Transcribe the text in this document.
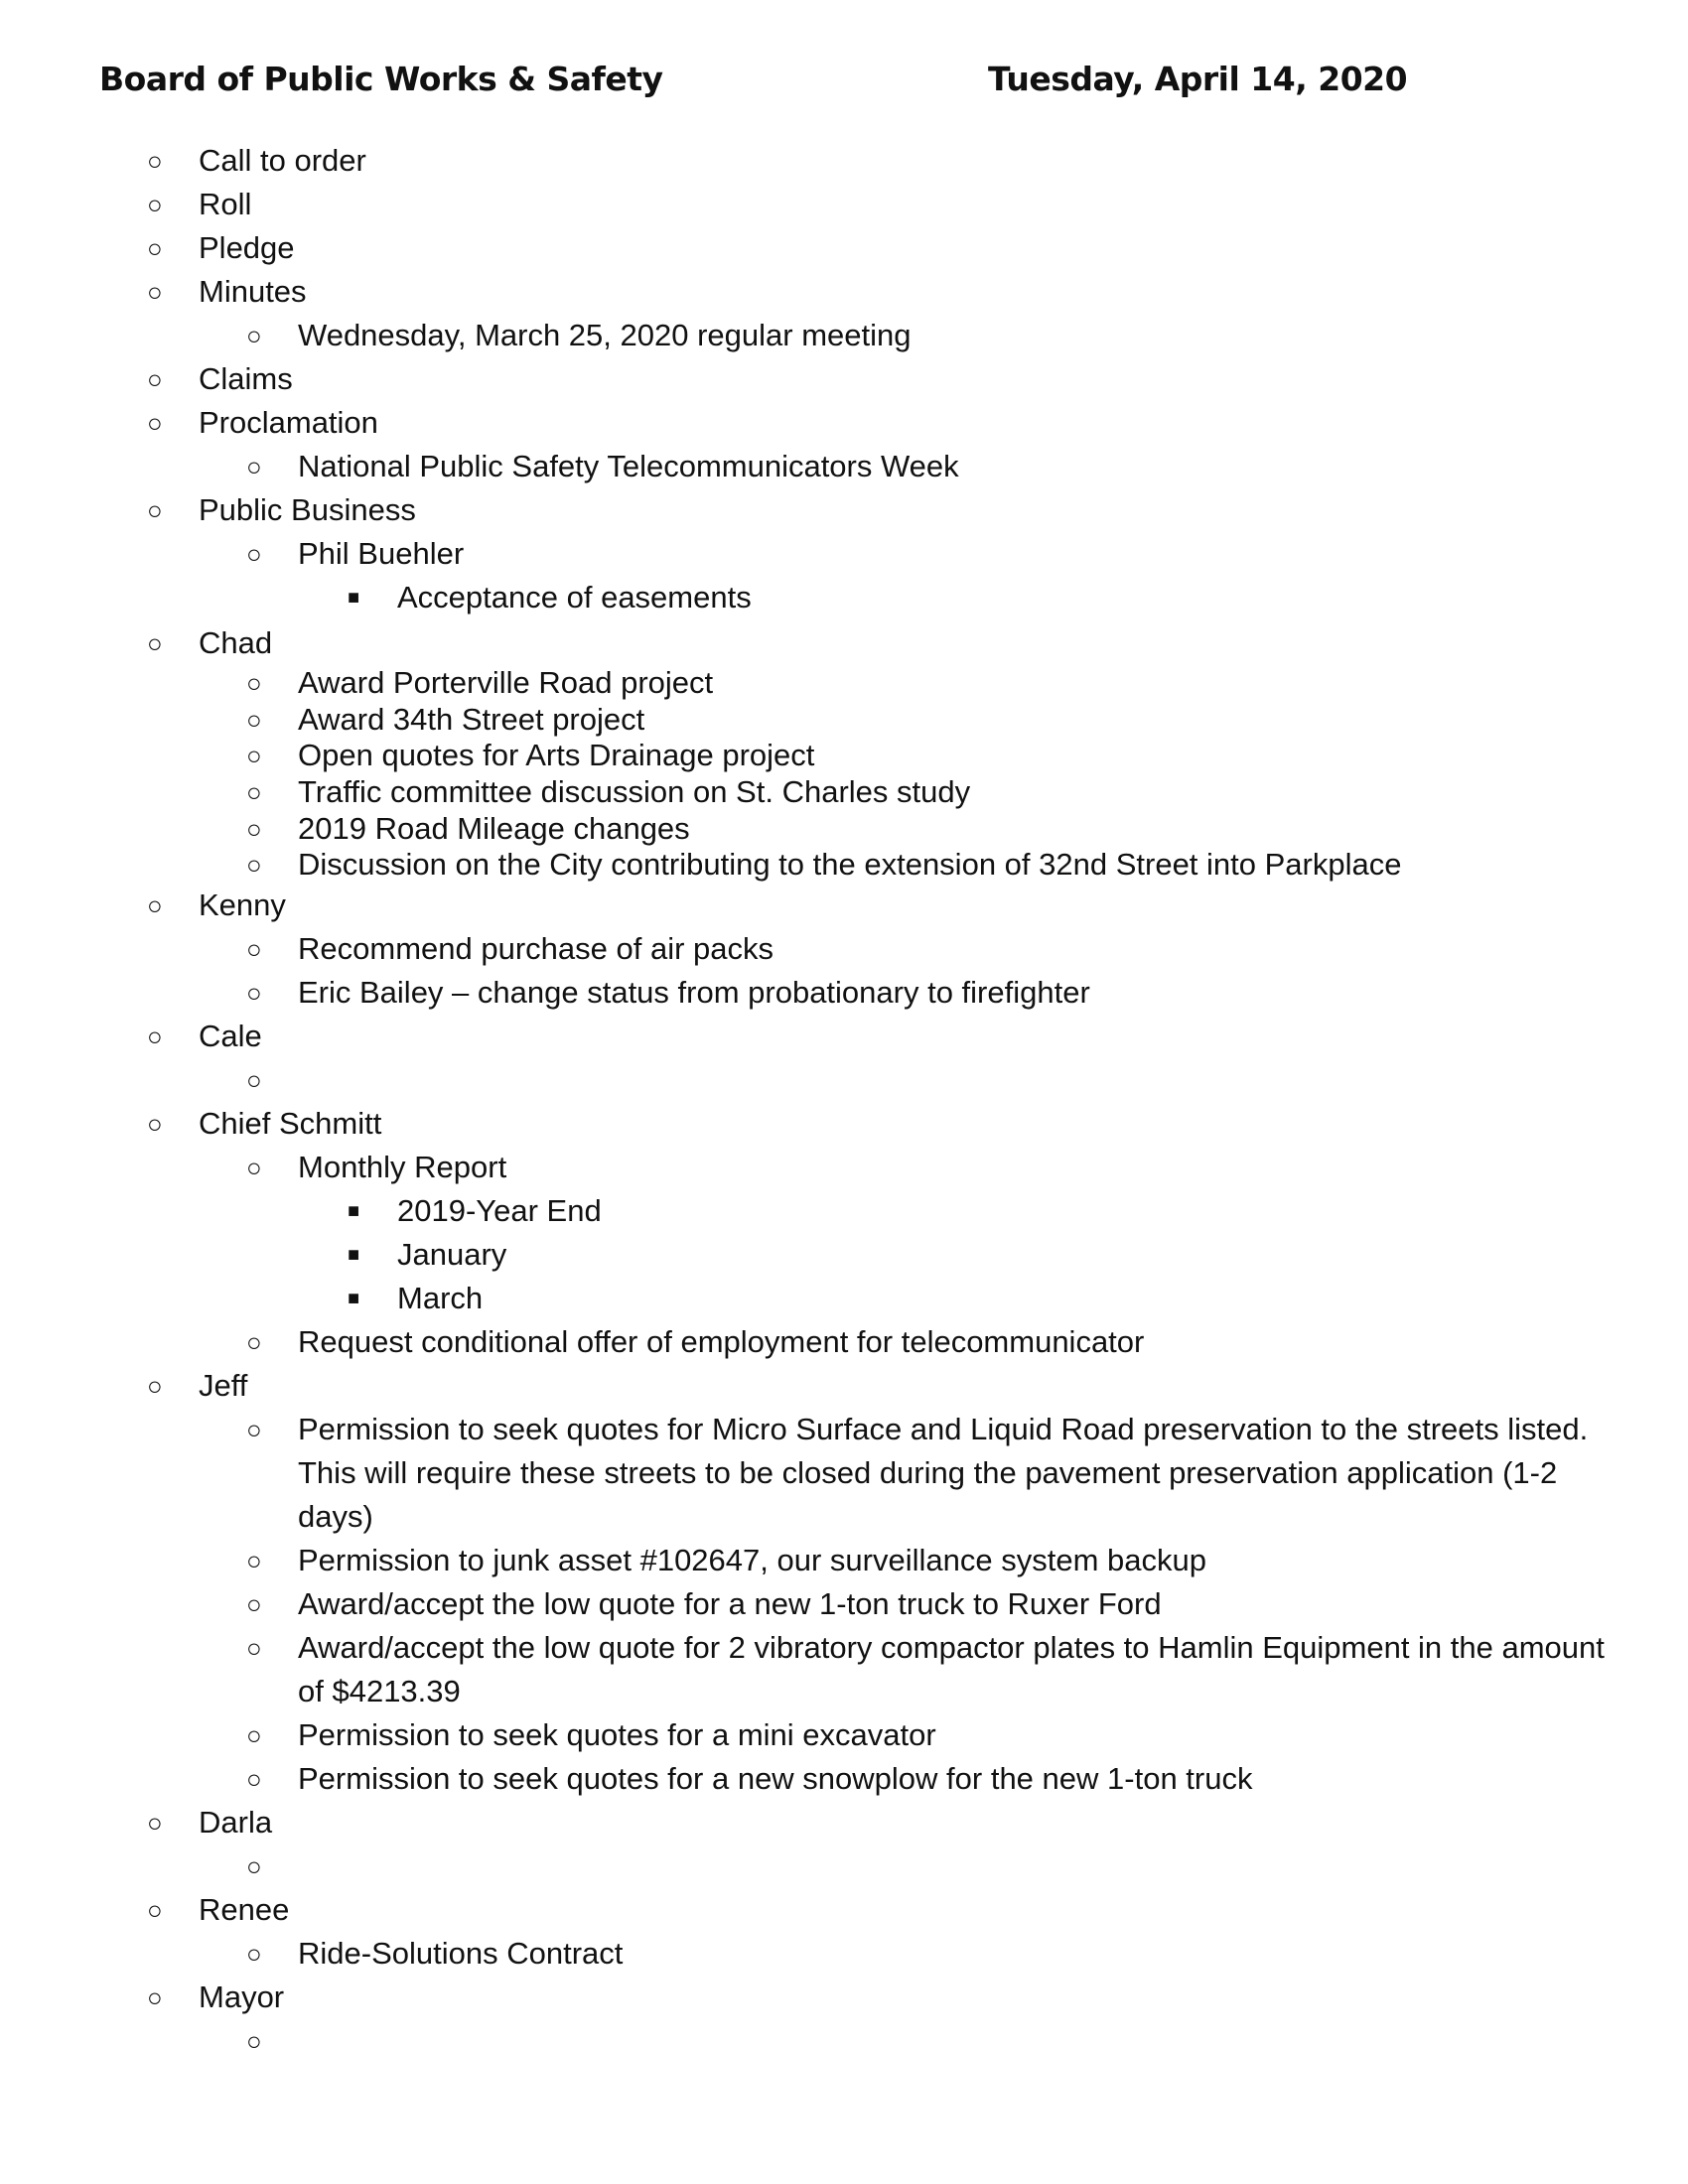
Board of Public Works & Safety	Tuesday, April 14, 2020
○ Call to order
○ Roll
○ Pledge
○ Minutes
○ Wednesday, March 25, 2020 regular meeting
○ Claims
○ Proclamation
○ National Public Safety Telecommunicators Week
○ Public Business
○ Phil Buehler
■ Acceptance of easements
○ Chad
○ Award Porterville Road project
○ Award 34th Street project
○ Open quotes for Arts Drainage project
○ Traffic committee discussion on St. Charles study
○ 2019 Road Mileage changes
○ Discussion on the City contributing to the extension of 32nd Street into Parkplace
○ Kenny
○ Recommend purchase of air packs
○ Eric Bailey – change status from probationary to firefighter
○ Cale
○
○ Chief Schmitt
○ Monthly Report
■ 2019-Year End
■ January
■ March
○ Request conditional offer of employment for telecommunicator
○ Jeff
○ Permission to seek quotes for Micro Surface and Liquid Road preservation to the streets listed. This will require these streets to be closed during the pavement preservation application (1-2 days)
○ Permission to junk asset #102647, our surveillance system backup
○ Award/accept the low quote for a new 1-ton truck to Ruxer Ford
○ Award/accept the low quote for 2 vibratory compactor plates to Hamlin Equipment in the amount of $4213.39
○ Permission to seek quotes for a mini excavator
○ Permission to seek quotes for a new snowplow for the new 1-ton truck
○ Darla
○
○ Renee
○ Ride-Solutions Contract
○ Mayor
○
